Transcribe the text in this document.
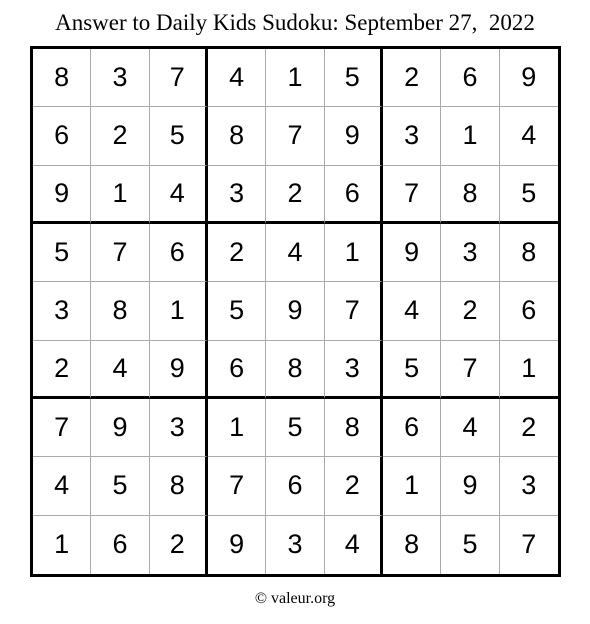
Answer to Daily Kids Sudoku: September 27,  2022
8	3	7	4	1	5	2	6	9
6	2	5	8	7	9	3	1	4
9	1	4	3	2	6	7	8	5
5	7	6	2	4	1	9	3	8
3	8	1	5	9	7	4	2	6
2	4	9	6	8	3	5	7	1
7	9	3	1	5	8	6	4	2
4	5	8	7	6	2	1	9	3
1	6	2	9	3	4	8	5	7
© valeur.org
